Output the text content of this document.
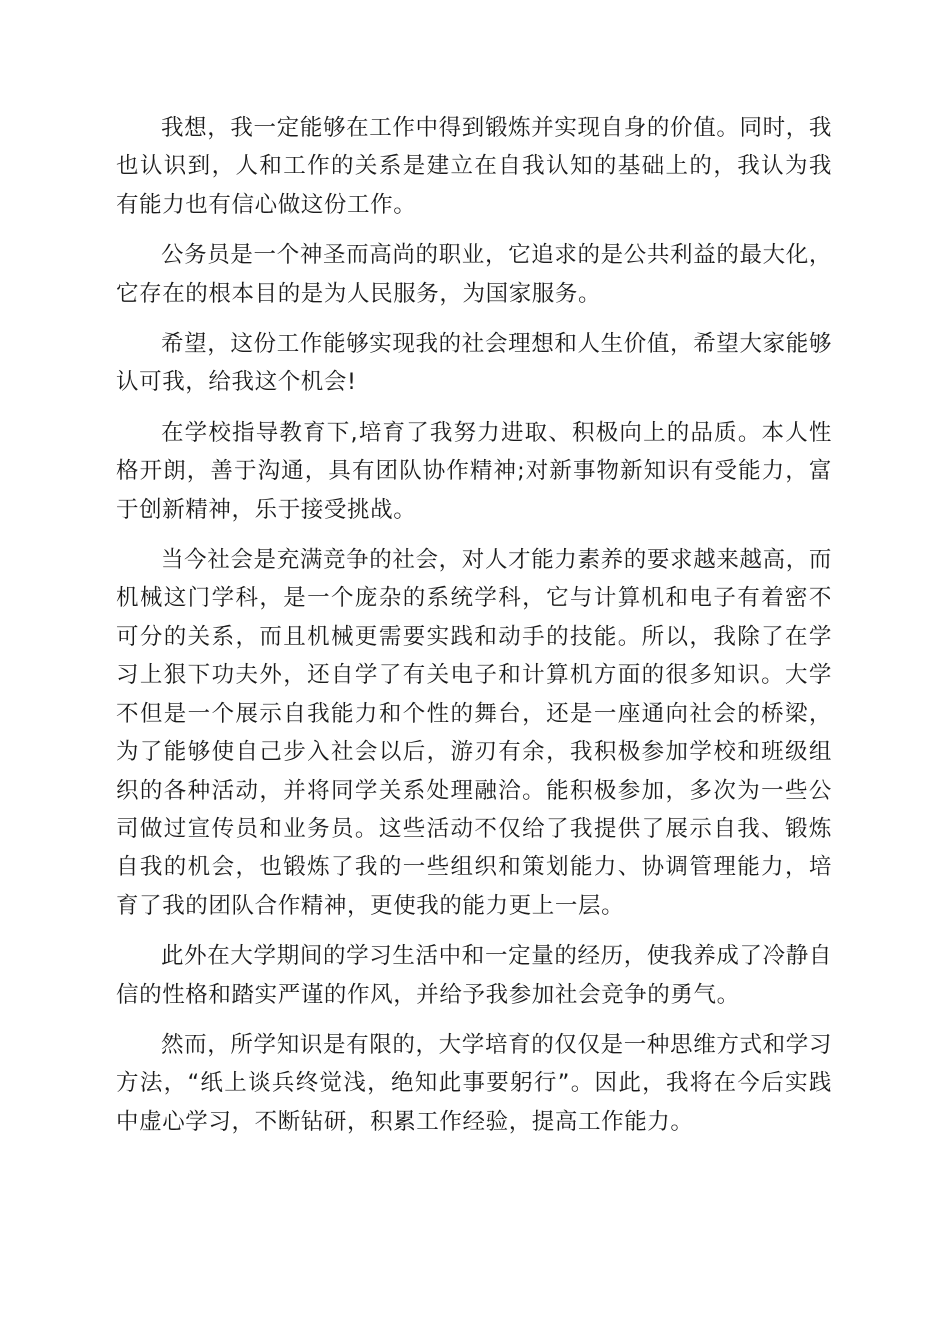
我想，我一定能够在工作中得到锻炼并实现自身的价值。同时，我也认识到，人和工作的关系是建立在自我认知的基础上的，我认为我有能力也有信心做这份工作。

公务员是一个神圣而高尚的职业，它追求的是公共利益的最大化，它存在的根本目的是为人民服务，为国家服务。

希望，这份工作能够实现我的社会理想和人生价值，希望大家能够认可我，给我这个机会!

在学校指导教育下,培育了我努力进取、积极向上的品质。本人性格开朗，善于沟通，具有团队协作精神;对新事物新知识有受能力，富于创新精神，乐于接受挑战。

当今社会是充满竞争的社会，对人才能力素养的要求越来越高，而机械这门学科，是一个庞杂的系统学科，它与计算机和电子有着密不可分的关系，而且机械更需要实践和动手的技能。所以，我除了在学习上狠下功夫外，还自学了有关电子和计算机方面的很多知识。大学不但是一个展示自我能力和个性的舞台，还是一座通向社会的桥梁，为了能够使自己步入社会以后，游刃有余，我积极参加学校和班级组织的各种活动，并将同学关系处理融洽。能积极参加，多次为一些公司做过宣传员和业务员。这些活动不仅给了我提供了展示自我、锻炼自我的机会，也锻炼了我的一些组织和策划能力、协调管理能力，培育了我的团队合作精神，更使我的能力更上一层。

此外在大学期间的学习生活中和一定量的经历，使我养成了冷静自信的性格和踏实严谨的作风，并给予我参加社会竞争的勇气。

然而，所学知识是有限的，大学培育的仅仅是一种思维方式和学习方法，“纸上谈兵终觉浅，绝知此事要躬行”。因此，我将在今后实践中虚心学习，不断钻研，积累工作经验，提高工作能力。
